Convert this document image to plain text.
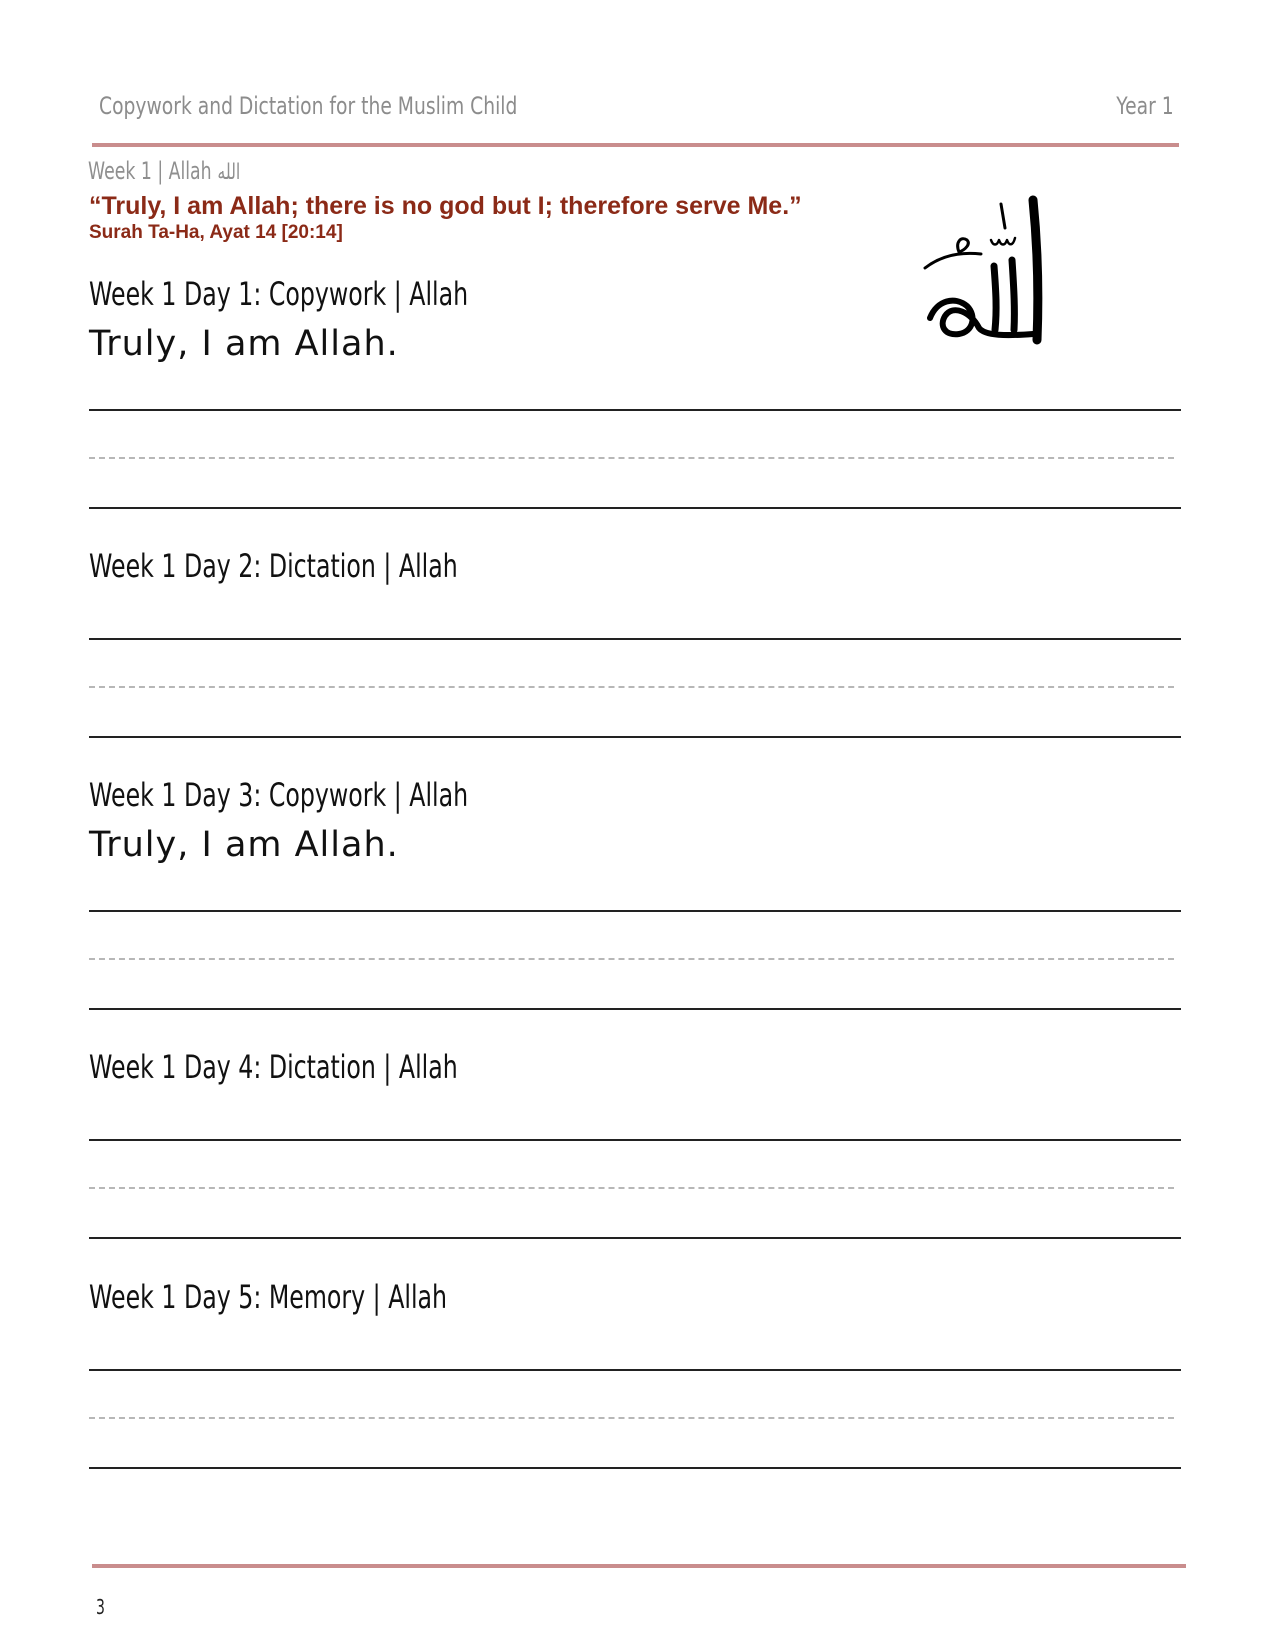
Copywork and Dictation for the Muslim Child	Year 1
Week 1 | Allah الله
“Truly, I am Allah; there is no god but I; therefore serve Me.”
Surah Ta-Ha, Ayat 14 [20:14]
Week 1 Day 1: Copywork | Allah
Truly, I am Allah.
Week 1 Day 2: Dictation | Allah
Week 1 Day 3: Copywork | Allah
Truly, I am Allah.
Week 1 Day 4: Dictation | Allah
Week 1 Day 5: Memory | Allah
3
